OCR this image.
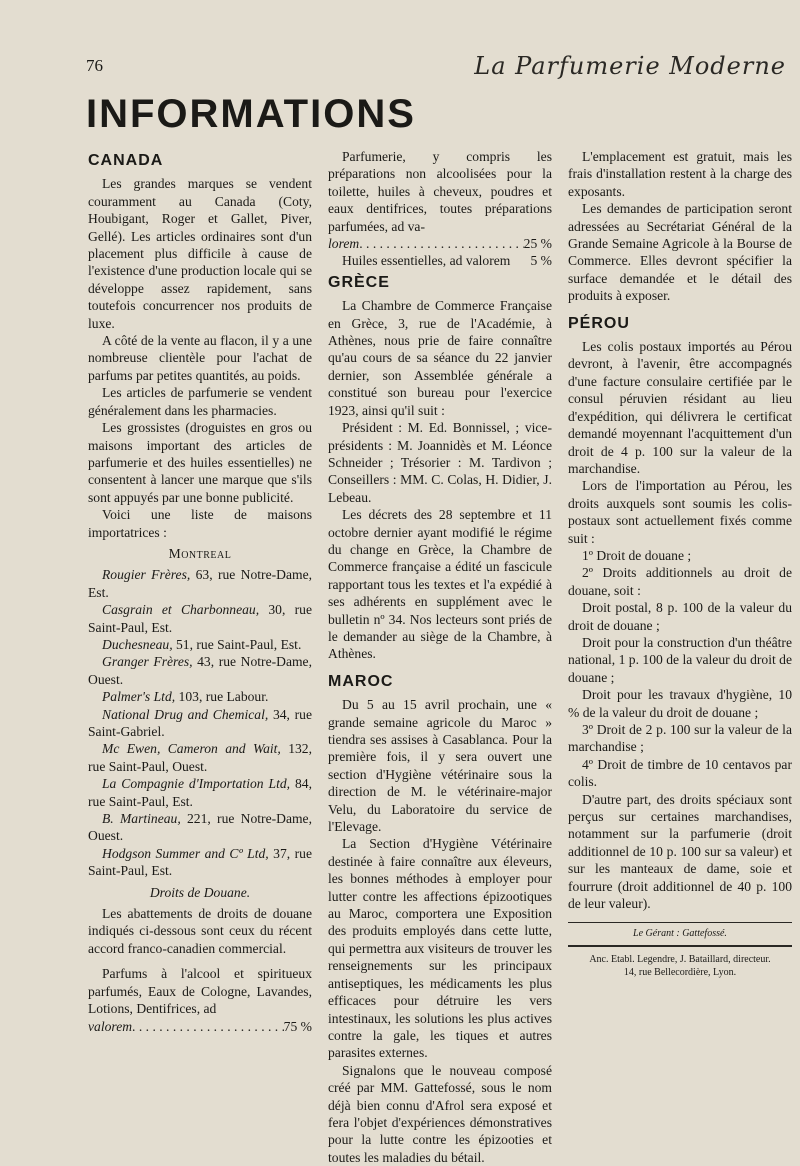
76	La Parfumerie Moderne
INFORMATIONS
CANADA

Les grandes marques se vendent couramment au Canada (Coty, Houbigant, Roger et Gallet, Piver, Gellé). Les articles ordinaires sont d'un placement plus difficile à cause de l'existence d'une production locale qui se développe assez rapidement, sans toutefois concurrencer nos produits de luxe.

A côté de la vente au flacon, il y a une nombreuse clientèle pour l'achat de parfums par petites quantités, au poids.

Les articles de parfumerie se vendent généralement dans les pharmacies.

Les grossistes (droguistes en gros ou maisons important des articles de parfumerie et des huiles essentielles) ne consentent à lancer une marque que s'ils sont appuyés par une bonne publicité.

Voici une liste de maisons importatrices :

Montreal

Rougier Frères, 63, rue Notre-Dame, Est.

Casgrain et Charbonneau, 30, rue Saint-Paul, Est.

Duchesneau, 51, rue Saint-Paul, Est.

Granger Frères, 43, rue Notre-Dame, Ouest.

Palmer's Ltd, 103, rue Labour.

National Drug and Chemical, 34, rue Saint-Gabriel.

Mc Ewen, Cameron and Wait, 132, rue Saint-Paul, Ouest.

La Compagnie d'Importation Ltd, 84, rue Saint-Paul, Est.

B. Martineau, 221, rue Notre-Dame, Ouest.

Hodgson Summer and Cº Ltd, 37, rue Saint-Paul, Est.

Droits de Douane.

Les abattements de droits de douane indiqués ci-dessous sont ceux du récent accord franco-canadien commercial.

Parfums à l'alcool et spiritueux parfumés, Eaux de Cologne, Lavandes, Lotions, Dentifrices, ad

valorem . . .	75 %

Parfumerie, y compris les préparations non alcoolisées pour la toilette, huiles à cheveux, poudres et eaux dentifrices, toutes préparations parfumées, ad va-

lorem . . .	25 %
Huiles essentielles, ad valorem 5 %
GRÈCE

La Chambre de Commerce Française en Grèce, 3, rue de l'Académie, à Athènes, nous prie de faire connaître qu'au cours de sa séance du 22 janvier dernier, son Assemblée générale a constitué son bureau pour l'exercice 1923, ainsi qu'il suit :

Président : M. Ed. Bonnissel, ; vice-présidents : M. Joannidès et M. Léonce Schneider ; Trésorier : M. Tardivon ; Conseillers : MM. C. Colas, H. Didier, J. Lebeau.

Les décrets des 28 septembre et 11 octobre dernier ayant modifié le régime du change en Grèce, la Chambre de Commerce française a édité un fascicule rapportant tous les textes et l'a expédié à ses adhérents en supplément avec le bulletin nº 34. Nos lecteurs sont priés de le demander au siège de la Chambre, à Athènes.

MAROC

Du 5 au 15 avril prochain, une « grande semaine agricole du Maroc » tiendra ses assises à Casablanca. Pour la première fois, il y sera ouvert une section d'Hygiène vétérinaire sous la direction de M. le vétérinaire-major Velu, du Laboratoire du service de l'Elevage.

La Section d'Hygiène Vétérinaire destinée à faire connaître aux éleveurs, les bonnes méthodes à employer pour lutter contre les affections épizootiques au Maroc, comportera une Exposition des produits employés dans cette lutte, qui permettra aux visiteurs de trouver les renseignements sur les principaux antiseptiques, les médicaments les plus efficaces pour détruire les vers intestinaux, les solutions les plus actives contre la gale, les tiques et autres parasites externes.

Signalons que le nouveau composé créé par MM. Gattefossé, sous le nom déjà bien connu d'Afrol sera exposé et fera l'objet d'expériences démonstratives pour la lutte contre les épizooties et toutes les maladies du bétail.

L'emplacement est gratuit, mais les frais d'installation restent à la charge des exposants.

Les demandes de participation seront adressées au Secrétariat Général de la Grande Semaine Agricole à la Bourse de Commerce. Elles devront spécifier la surface demandée et le détail des produits à exposer.

PÉROU

Les colis postaux importés au Pérou devront, à l'avenir, être accompagnés d'une facture consulaire certifiée par le consul péruvien résidant au lieu d'expédition, qui délivrera le certificat demandé moyennant l'acquittement d'un droit de 4 p. 100 sur la valeur de la marchandise.

Lors de l'importation au Pérou, les droits auxquels sont soumis les colis-postaux sont actuellement fixés comme suit :

1º Droit de douane ;

2º Droits additionnels au droit de douane, soit :

Droit postal, 8 p. 100 de la valeur du droit de douane ;

Droit pour la construction d'un théâtre national, 1 p. 100 de la valeur du droit de douane ;

Droit pour les travaux d'hygiène, 10 % de la valeur du droit de douane ;

3º Droit de 2 p. 100 sur la valeur de la marchandise ;

4º Droit de timbre de 10 centavos par colis.

D'autre part, des droits spéciaux sont perçus sur certaines marchandises, notamment sur la parfumerie (droit additionnel de 10 p. 100 sur sa valeur) et sur les manteaux de dame, soie et fourrure (droit additionnel de 40 p. 100 de leur valeur).

Le Gérant : Gattefossé.

Anc. Etabl. Legendre, J. Bataillard, directeur.

14, rue Bellecordière, Lyon.
